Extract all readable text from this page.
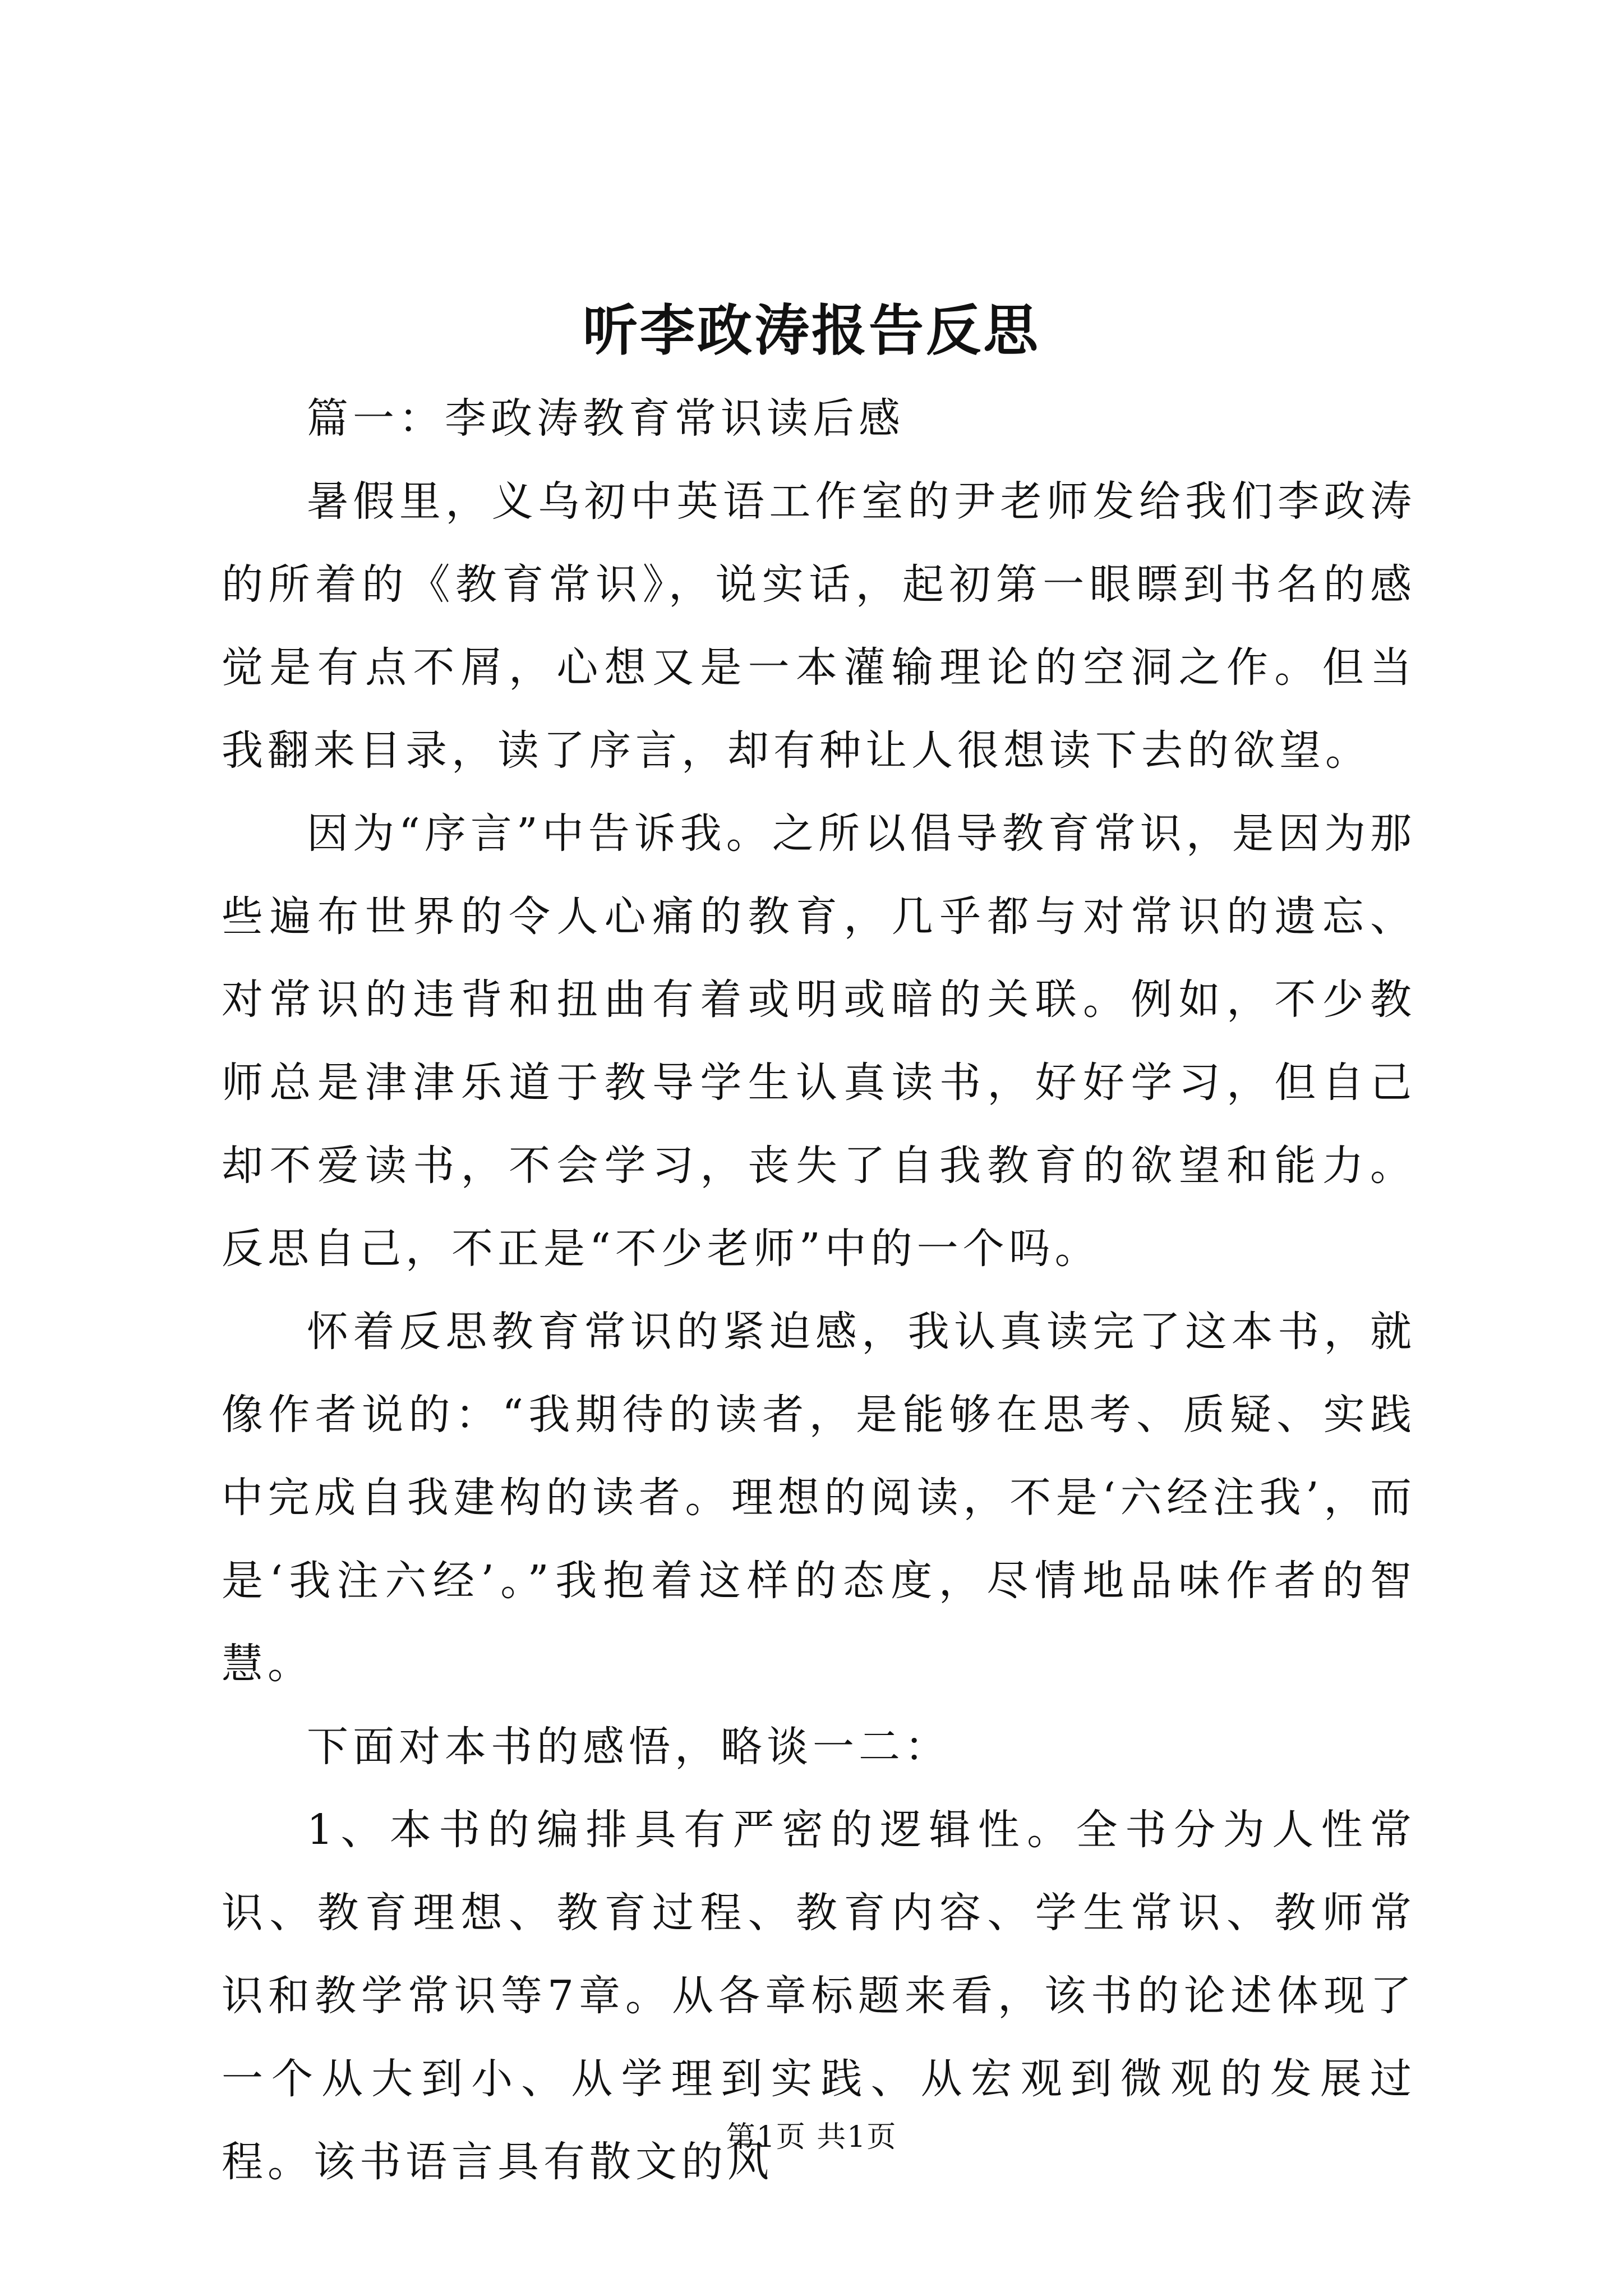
听李政涛报告反思

篇一：李政涛教育常识读后感

暑假里，义乌初中英语工作室的尹老师发给我们李政涛的所着的《教育常识》，说实话，起初第一眼瞟到书名的感觉是有点不屑，心想又是一本灌输理论的空洞之作。但当我翻来目录，读了序言，却有种让人很想读下去的欲望。

因为“序言”中告诉我。之所以倡导教育常识，是因为那些遍布世界的令人心痛的教育，几乎都与对常识的遗忘、对常识的违背和扭曲有着或明或暗的关联。例如，不少教师总是津津乐道于教导学生认真读书，好好学习，但自己却不爱读书，不会学习，丧失了自我教育的欲望和能力。反思自己，不正是“不少老师”中的一个吗。

怀着反思教育常识的紧迫感，我认真读完了这本书，就像作者说的：“我期待的读者，是能够在思考、质疑、实践中完成自我建构的读者。理想的阅读，不是‘六经注我’，而是‘我注六经’。”我抱着这样的态度，尽情地品味作者的智慧。

下面对本书的感悟，略谈一二：

1、本书的编排具有严密的逻辑性。全书分为人性常识、教育理想、教育过程、教育内容、学生常识、教师常识和教学常识等7章。从各章标题来看，该书的论述体现了一个从大到小、从学理到实践、从宏观到微观的发展过程。该书语言具有散文的风

第1页 共1页
